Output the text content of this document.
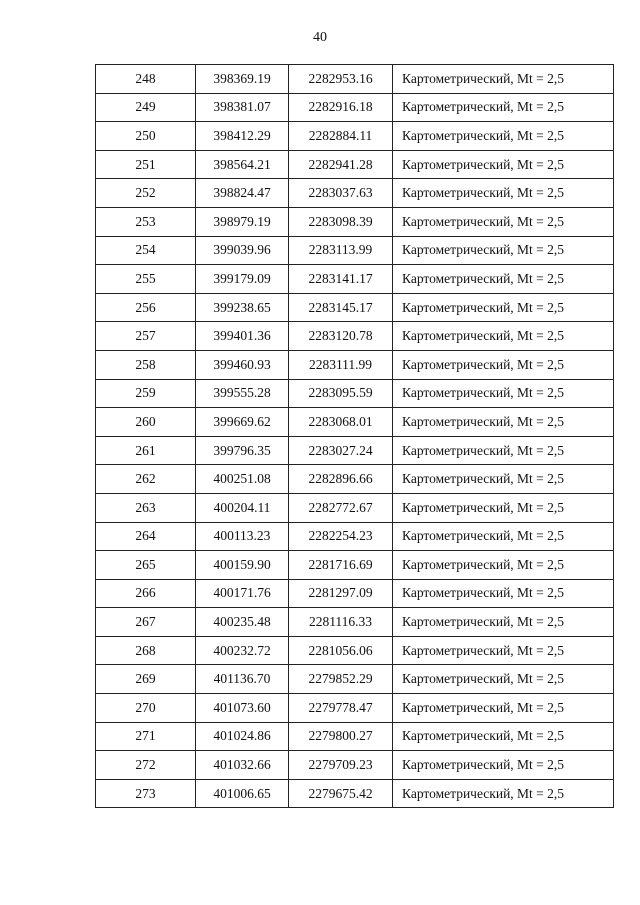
40
248	398369.19	2282953.16	Картометрический, Mt = 2,5
249	398381.07	2282916.18	Картометрический, Mt = 2,5
250	398412.29	2282884.11	Картометрический, Mt = 2,5
251	398564.21	2282941.28	Картометрический, Mt = 2,5
252	398824.47	2283037.63	Картометрический, Mt = 2,5
253	398979.19	2283098.39	Картометрический, Mt = 2,5
254	399039.96	2283113.99	Картометрический, Mt = 2,5
255	399179.09	2283141.17	Картометрический, Mt = 2,5
256	399238.65	2283145.17	Картометрический, Mt = 2,5
257	399401.36	2283120.78	Картометрический, Mt = 2,5
258	399460.93	2283111.99	Картометрический, Mt = 2,5
259	399555.28	2283095.59	Картометрический, Mt = 2,5
260	399669.62	2283068.01	Картометрический, Mt = 2,5
261	399796.35	2283027.24	Картометрический, Mt = 2,5
262	400251.08	2282896.66	Картометрический, Mt = 2,5
263	400204.11	2282772.67	Картометрический, Mt = 2,5
264	400113.23	2282254.23	Картометрический, Mt = 2,5
265	400159.90	2281716.69	Картометрический, Mt = 2,5
266	400171.76	2281297.09	Картометрический, Mt = 2,5
267	400235.48	2281116.33	Картометрический, Mt = 2,5
268	400232.72	2281056.06	Картометрический, Mt = 2,5
269	401136.70	2279852.29	Картометрический, Mt = 2,5
270	401073.60	2279778.47	Картометрический, Mt = 2,5
271	401024.86	2279800.27	Картометрический, Mt = 2,5
272	401032.66	2279709.23	Картометрический, Mt = 2,5
273	401006.65	2279675.42	Картометрический, Mt = 2,5
